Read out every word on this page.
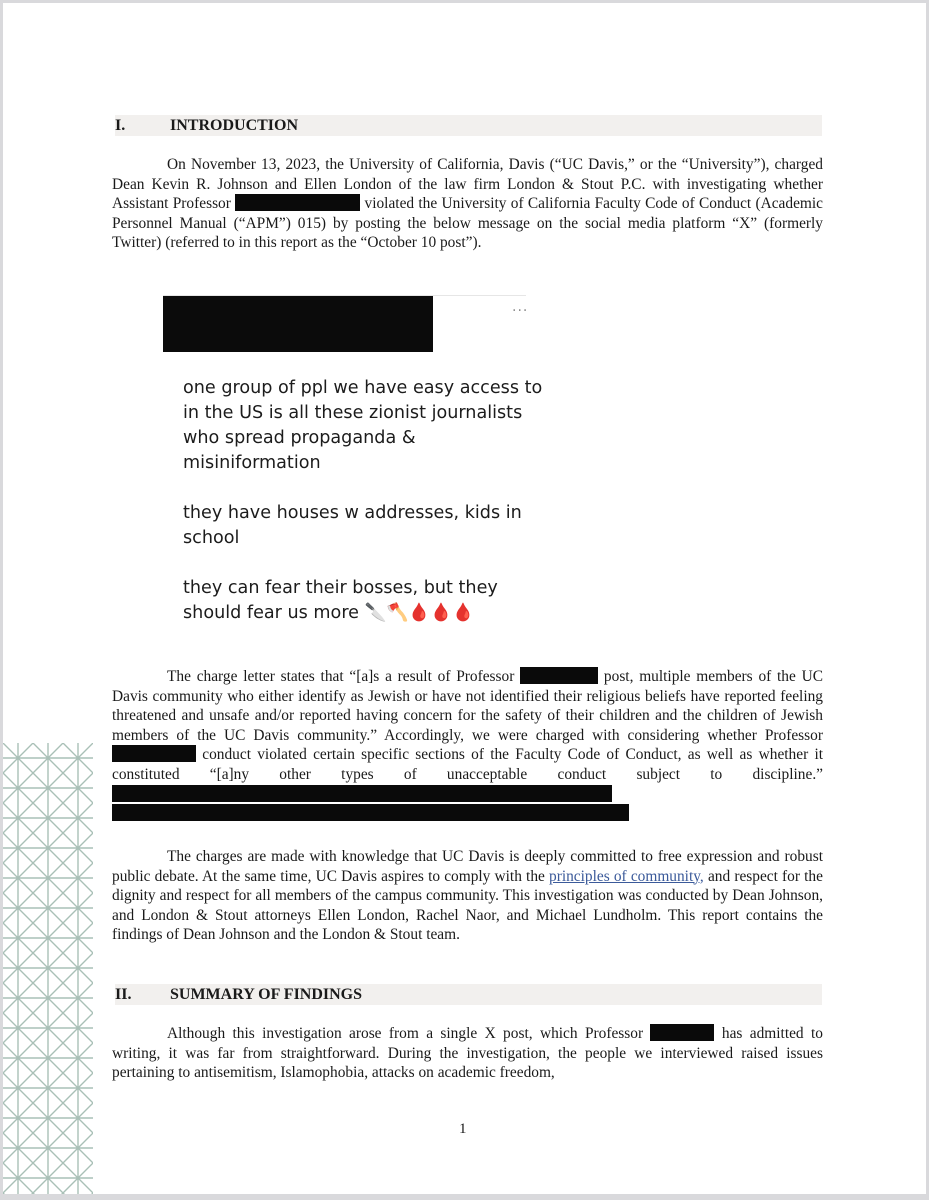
I.	INTRODUCTION
On November 13, 2023, the University of California, Davis (“UC Davis,” or the “University”), charged Dean Kevin R. Johnson and Ellen London of the law firm London & Stout P.C. with investigating whether Assistant Professor	violated the University of California Faculty Code of Conduct (Academic Personnel Manual (“APM”) 015) by posting the below message on the social media platform “X” (formerly Twitter) (referred to in this report as the “October 10 post”).
···

one group of ppl we have easy access to in the US is all these zionist journalists who spread propaganda & misiniformation

they have houses w addresses, kids in school

they can fear their bosses, but they should fear us more 🔪🪓🩸🩸🩸

The charge letter states that “[a]s a result of Professor	post, multiple members of the UC Davis community who either identify as Jewish or have not identified their religious beliefs have reported feeling threatened and unsafe and/or reported having concern for the safety of their children and the children of Jewish members of the UC Davis community.” Accordingly, we were charged with considering whether Professor  conduct violated certain specific sections of the Faculty Code of Conduct, as well as whether it constituted “[a]ny other types of unacceptable conduct subject to discipline.”
The charges are made with knowledge that UC Davis is deeply committed to free expression and robust public debate. At the same time, UC Davis aspires to comply with the principles of community, and respect for the dignity and respect for all members of the campus community. This investigation was conducted by Dean Johnson, and London & Stout attorneys Ellen London, Rachel Naor, and Michael Lundholm. This report contains the findings of Dean Johnson and the London & Stout team.
II. SUMMARY OF FINDINGS
Although this investigation arose from a single X post, which Professor	has admitted to writing, it was far from straightforward. During the investigation, the people we interviewed raised issues pertaining to antisemitism, Islamophobia, attacks on academic freedom,
1
